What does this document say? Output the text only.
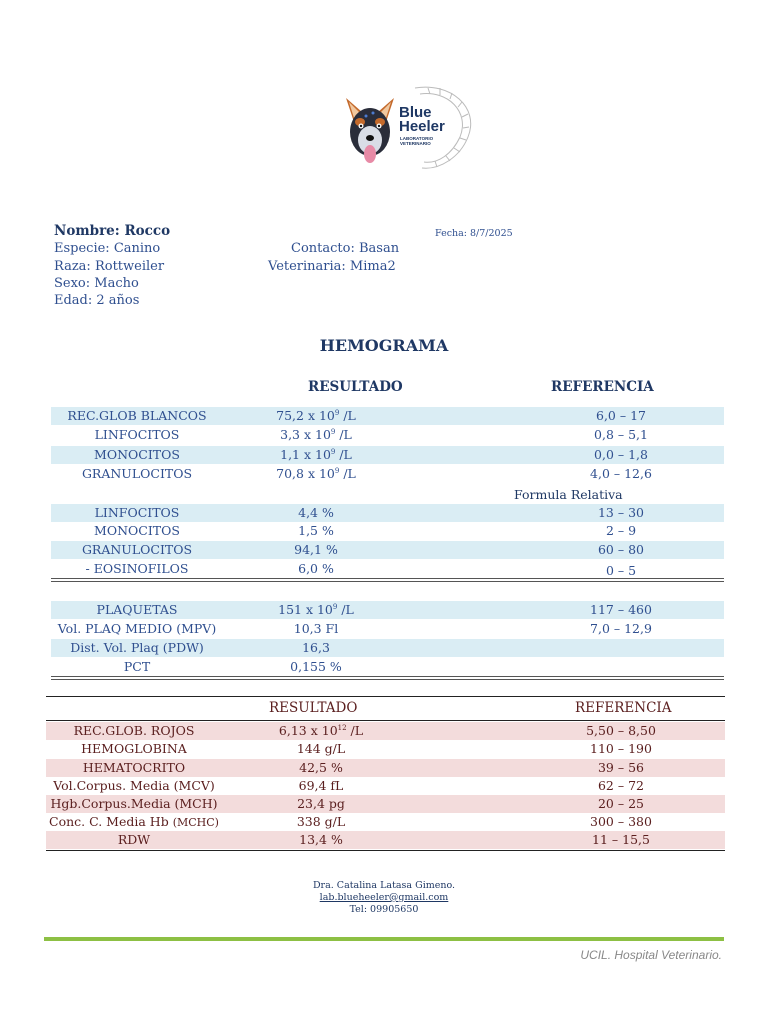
Blue
Heeler
LABORATORIO
VETERINARIO
Nombre: Rocco
Especie: Canino
Raza: Rottweiler
Sexo: Macho
Edad: 2 años
Contacto: Basan
Veterinaria: Mima2
Fecha: 8/7/2025
HEMOGRAMA
RESULTADO	REFERENCIA
REC.GLOB BLANCOS	75,2 x $10^9$ /L	6,0 – 17
LINFOCITOS	3,3 x $10^9$ /L	0,8 – 5,1
MONOCITOS	1,1 x $10^9$ /L	0,0 – 1,8
GRANULOCITOS	70,8 x $10^9$ /L	4,0 – 12,6
Formula Relativa
LINFOCITOS	4,4 %	13 – 30
MONOCITOS	1,5 %	2 – 9
GRANULOCITOS	94,1 %	60 – 80
- EOSINOFILOS	6,0 %	0 – 5
PLAQUETAS	151 x $10^9$ /L	117 – 460
Vol. PLAQ MEDIO (MPV)	10,3 Fl	7,0 – 12,9
Dist. Vol. Plaq (PDW)	16,3
PCT	0,155 %
RESULTADO	REFERENCIA
REC.GLOB. ROJOS	6,13 x $10^{12}$ /L	5,50 – 8,50
HEMOGLOBINA	144 g/L	110 – 190
HEMATOCRITO	42,5 %	39 – 56
Vol.Corpus. Media (MCV)	69,4 fL	62 – 72
Hgb.Corpus.Media (MCH)	23,4 pg	20 – 25
Conc. C. Media Hb (MCHC)	338 g/L	300 – 380
RDW	13,4 %	11 – 15,5
Dra. Catalina Latasa Gimeno.
lab.blueheeler@gmail.com
Tel: 09905650
UCIL. Hospital Veterinario.
